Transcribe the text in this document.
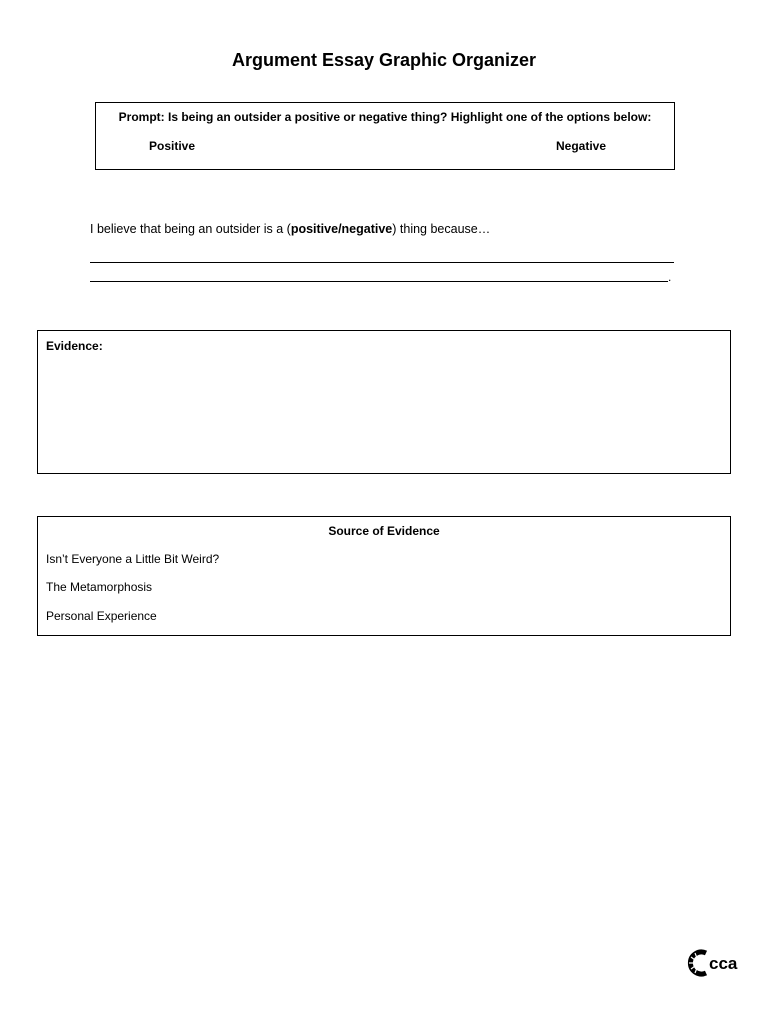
Argument Essay Graphic Organizer
Prompt: Is being an outsider a positive or negative thing? Highlight one of the options below:
Positive	Negative
I believe that being an outsider is a (positive/negative) thing because…
.
Evidence:
Source of Evidence
Isn’t Everyone a Little Bit Weird?
The Metamorphosis
Personal Experience
cca
